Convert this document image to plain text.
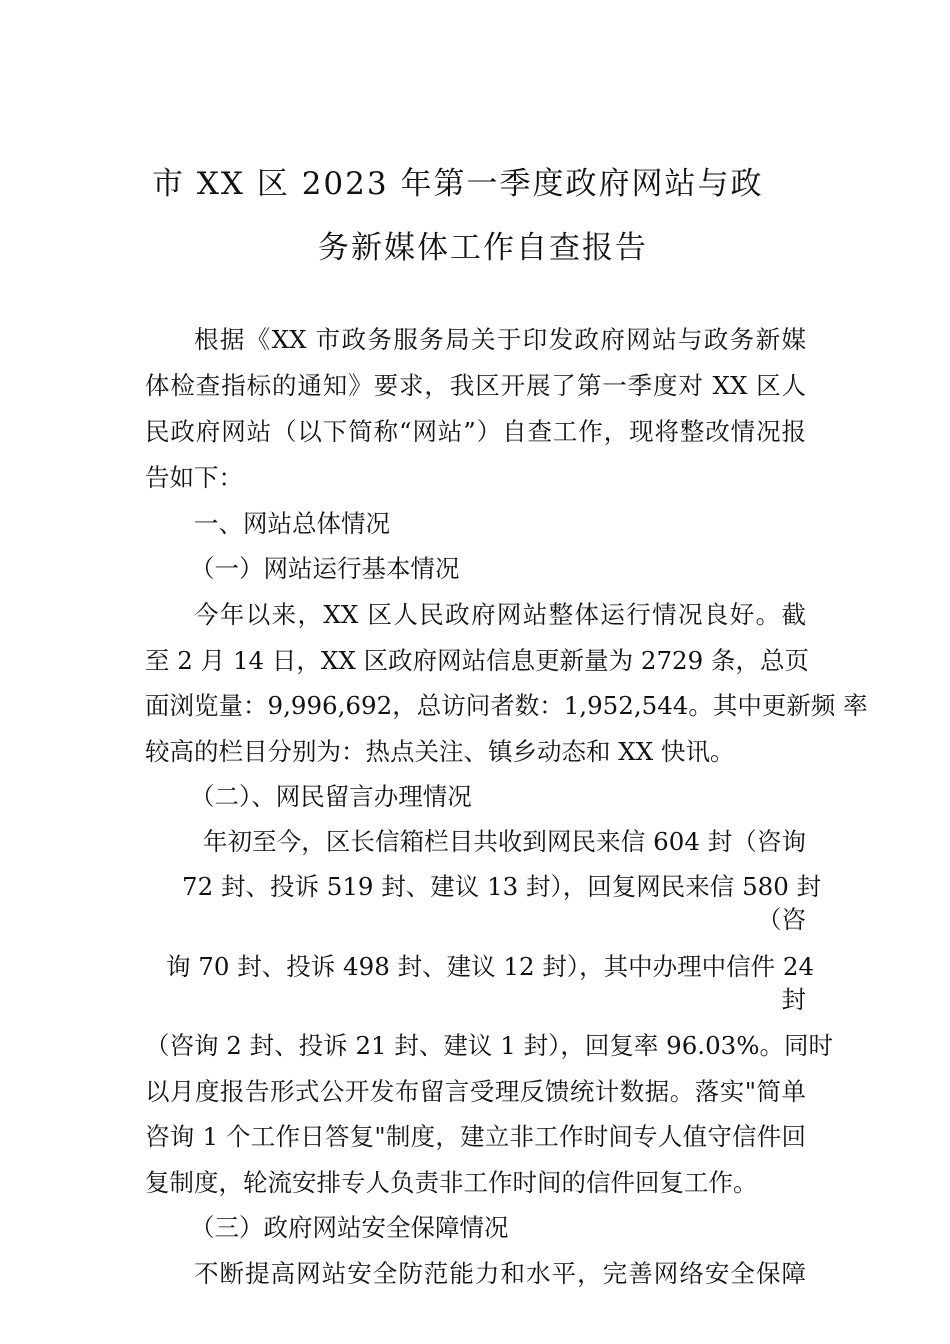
市 XX 区 2023 年第一季度政府网站与政
务新媒体工作自查报告
根据《XX 市政务服务局关于印发政府网站与政务新媒
体检查指标的通知》要求，我区开展了第一季度对 XX 区人
民政府网站（以下简称“网站”）自查工作，现将整改情况报
告如下：
一、网站总体情况
（一）网站运行基本情况
今年以来，XX 区人民政府网站整体运行情况良好。截
至 2 月 14 日，XX 区政府网站信息更新量为 2729 条，总页
面浏览量：9,996,692，总访问者数：1,952,544。其中更新频 率
较高的栏目分别为：热点关注、镇乡动态和 XX 快讯。
（二）、网民留言办理情况
年初至今，区长信箱栏目共收到网民来信 604 封（咨询
72 封、投诉 519 封、建议 13 封），回复网民来信 580 封
（咨
询 70 封、投诉 498 封、建议 12 封），其中办理中信件 24
封
（咨询 2 封、投诉 21 封、建议 1 封），回复率 96.03%。同时
以月度报告形式公开发布留言受理反馈统计数据。落实"简单
咨询 1 个工作日答复"制度，建立非工作时间专人值守信件回
复制度，轮流安排专人负责非工作时间的信件回复工作。
（三）政府网站安全保障情况
不断提高网站安全防范能力和水平，完善网络安全保障
